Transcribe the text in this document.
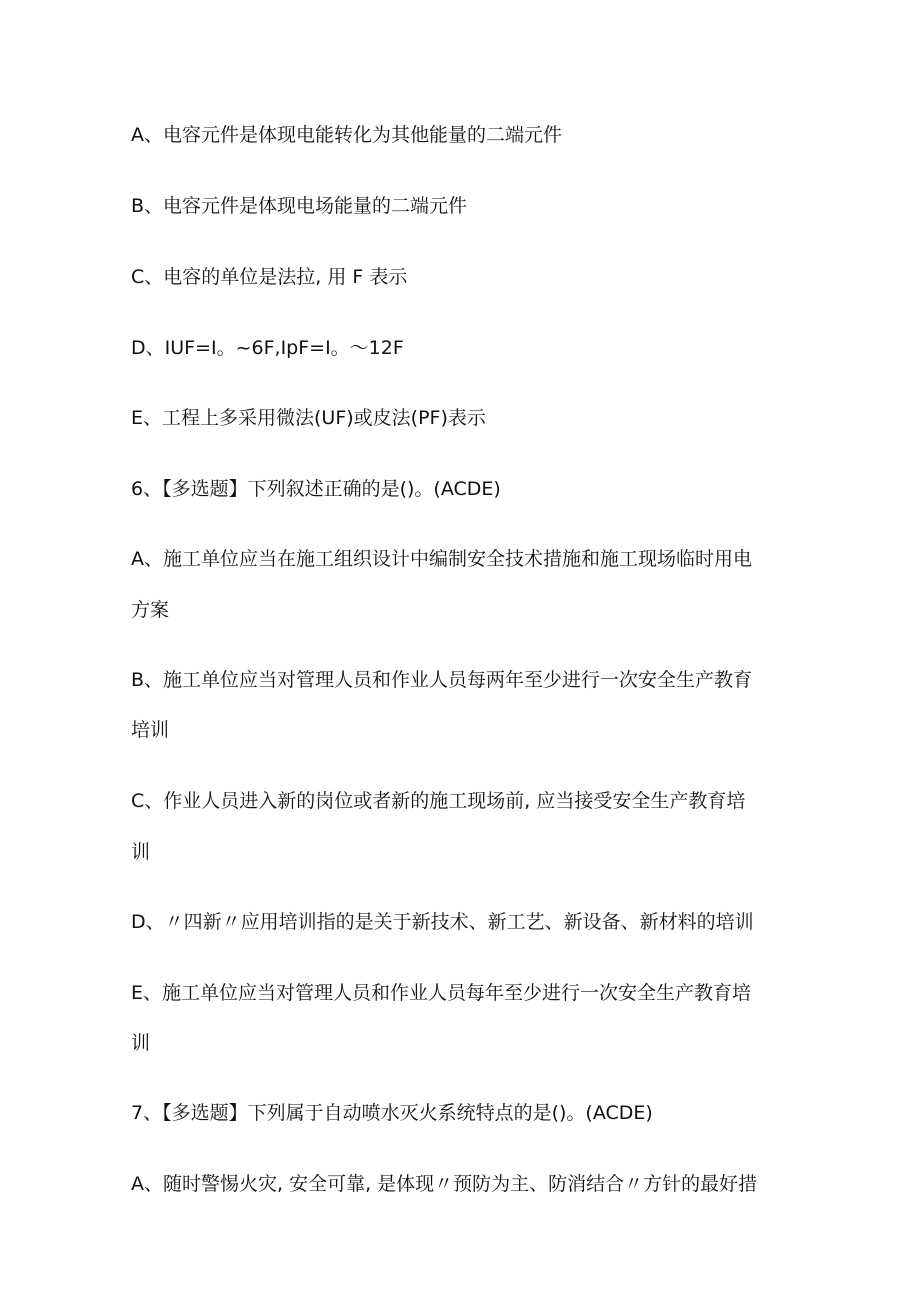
A、电容元件是体现电能转化为其他能量的二端元件
B、电容元件是体现电场能量的二端元件
C、电容的单位是法拉, 用 F 表示
D、IUF=I。~6F,IpF=I。～12F
E、工程上多采用微法(UF)或皮法(PF)表示
6、【多选题】下列叙述正确的是()。(ACDE)
A、施工单位应当在施工组织设计中编制安全技术措施和施工现场临时用电
方案
B、施工单位应当对管理人员和作业人员每两年至少进行一次安全生产教育
培训
C、作业人员进入新的岗位或者新的施工现场前, 应当接受安全生产教育培
训
D、〃四新〃应用培训指的是关于新技术、新工艺、新设备、新材料的培训
E、施工单位应当对管理人员和作业人员每年至少进行一次安全生产教育培
训
7、【多选题】下列属于自动喷水灭火系统特点的是()。(ACDE)
A、随时警惕火灾, 安全可靠, 是体现〃预防为主、防消结合〃方针的最好措
